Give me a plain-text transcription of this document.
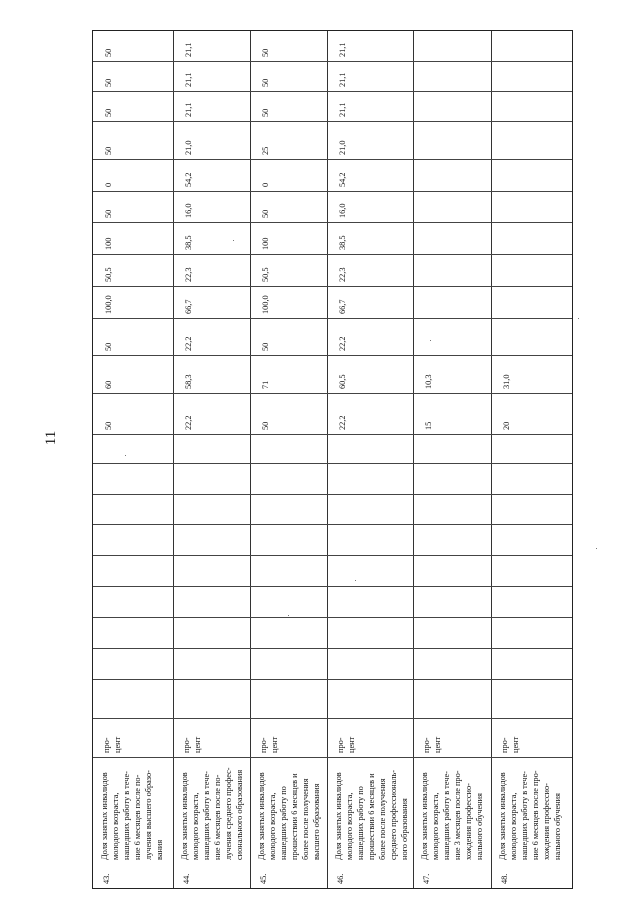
11
43.
Доля занятых инвалидов молодого возраста, нашедших работу в тече- ние 6 месяцев после по- лучения высшего образо- вания
про- цент
50
60
50
100,0
50,5
100
50
0
50
50
50
50
44.
Доля занятых инвалидов молодого возраста, нашедших работу в тече- ние 6 месяцев после по- лучения среднего профес- сионального образования
про- цент
22,2
58,3
22,2
66,7
22,3
38,5
16,0
54,2
21,0
21,1
21,1
21,1
45.
Доля занятых инвалидов молодого возраста, нашедших работу по прошествии 6 месяцев и более после получения высшего образования
про- цент
50
71
50
100,0
50,5
100
50
0
25
50
50
50
46.
Доля занятых инвалидов молодого возраста, нашедших работу по прошествии 6 месяцев и более после получения среднего профессиональ- ного образования
про- цент
22,2
60,5
22,2
66,7
22,3
38,5
16,0
54,2
21,0
21,1
21,1
21,1
47.
Доля занятых инвалидов молодого возраста, нашедших работу в тече- ние 3 месяцев после про- хождения профессио- нального обучения
про- цент
15
10,3
48.
Доля занятых инвалидов молодого возраста, нашедших работу в тече- ние 6 месяцев после про- хождения профессио- нального обучения
про- цент
20
31,0
